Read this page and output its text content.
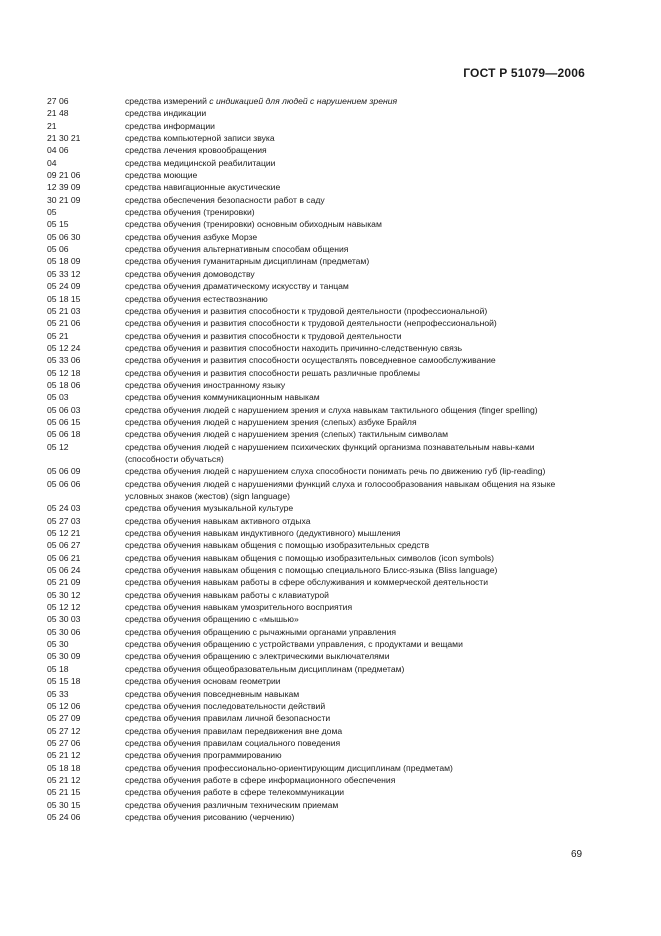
ГОСТ Р 51079—2006
27 06	средства измерений с индикацией для людей с нарушением зрения
21 48	средства индикации
21	средства информации
21 30 21	средства компьютерной записи звука
04 06	средства лечения кровообращения
04	средства медицинской реабилитации
09 21 06	средства моющие
12 39 09	средства навигационные акустические
30 21 09	средства обеспечения безопасности работ в саду
05	средства обучения (тренировки)
05 15	средства обучения (тренировки) основным обиходным навыкам
05 06 30	средства обучения азбуке Морзе
05 06	средства обучения альтернативным способам общения
05 18 09	средства обучения гуманитарным дисциплинам (предметам)
05 33 12	средства обучения домоводству
05 24 09	средства обучения драматическому искусству и танцам
05 18 15	средства обучения естествознанию
05 21 03	средства обучения и развития способности к трудовой деятельности (профессиональной)
05 21 06	средства обучения и развития способности к трудовой деятельности (непрофессиональной)
05 21	средства обучения и развития способности к трудовой деятельности
05 12 24	средства обучения и развития способности находить причинно-следственную связь
05 33 06	средства обучения и развития способности осуществлять повседневное самообслуживание
05 12 18	средства обучения и развития способности решать различные проблемы
05 18 06	средства обучения иностранному языку
05 03	средства обучения коммуникационным навыкам
05 06 03	средства обучения людей с нарушением зрения и слуха навыкам тактильного общения (finger spelling)
05 06 15	средства обучения людей с нарушением зрения (слепых) азбуке Брайля
05 06 18	средства обучения людей с нарушением зрения (слепых) тактильным символам
05 12	средства обучения людей с нарушением психических функций организма познавательным навы-ками (способности обучаться)
05 06 09	средства обучения людей с нарушением слуха способности понимать речь по движению губ (lip-reading)
05 06 06	средства обучения людей с нарушениями функций слуха и голосообразования навыкам общения на языке условных знаков (жестов) (sign language)
05 24 03	средства обучения музыкальной культуре
05 27 03	средства обучения навыкам активного отдыха
05 12 21	средства обучения навыкам индуктивного (дедуктивного) мышления
05 06 27	средства обучения навыкам общения с помощью изобразительных средств
05 06 21	средства обучения навыкам общения с помощью изобразительных символов (icon symbols)
05 06 24	средства обучения навыкам общения с помощью специального Блисс-языка (Bliss language)
05 21 09	средства обучения навыкам работы в сфере обслуживания и коммерческой деятельности
05 30 12	средства обучения навыкам работы с клавиатурой
05 12 12	средства обучения навыкам умозрительного восприятия
05 30 03	средства обучения обращению с «мышью»
05 30 06	средства обучения обращению с рычажными органами управления
05 30	средства обучения обращению с устройствами управления, с продуктами и вещами
05 30 09	средства обучения обращению с электрическими выключателями
05 18	средства обучения общеобразовательным дисциплинам (предметам)
05 15 18	средства обучения основам геометрии
05 33	средства обучения повседневным навыкам
05 12 06	средства обучения последовательности действий
05 27 09	средства обучения правилам личной безопасности
05 27 12	средства обучения правилам передвижения вне дома
05 27 06	средства обучения правилам социального поведения
05 21 12	средства обучения программированию
05 18 18	средства обучения профессионально-ориентирующим дисциплинам (предметам)
05 21 12	средства обучения работе в сфере информационного обеспечения
05 21 15	средства обучения работе в сфере телекоммуникации
05 30 15	средства обучения различным техническим приемам
05 24 06	средства обучения рисованию (черчению)
69
